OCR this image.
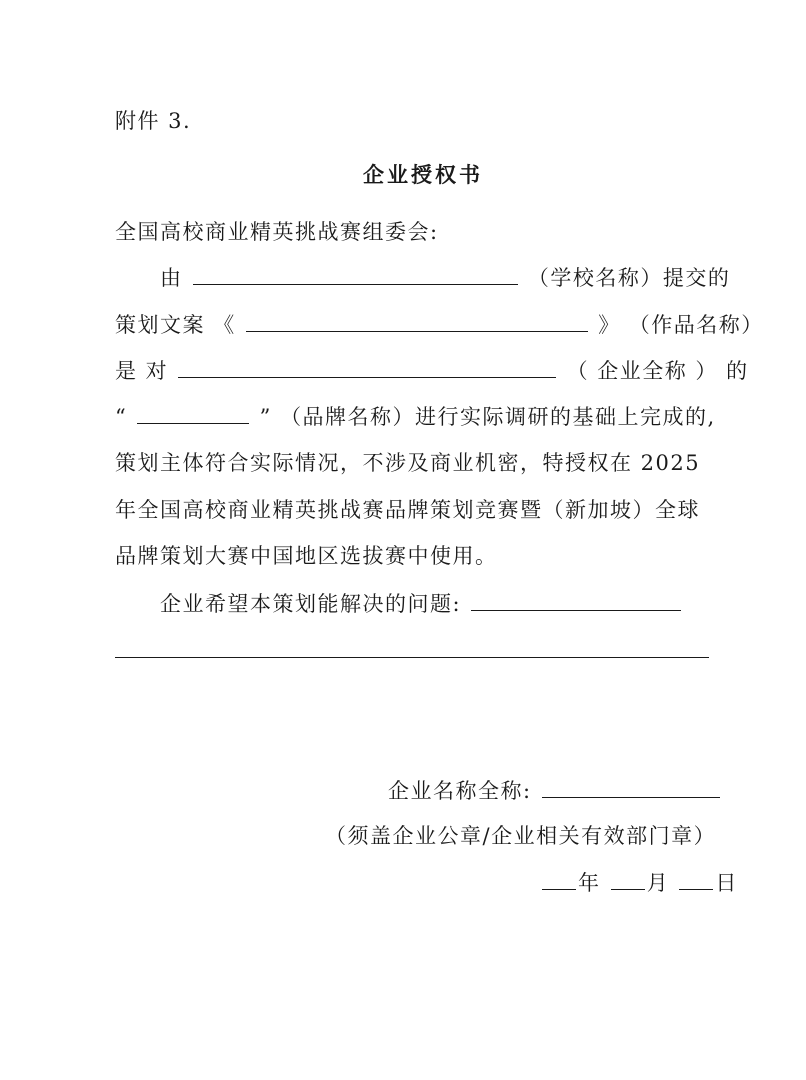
附件 3.
企业授权书
全国高校商业精英挑战赛组委会:
由	（学校名称）提交的
策划文案 《	》 （作品名称）
是 对	（ 企业全称 ） 的
“	” （品牌名称）进行实际调研的基础上完成的,
策划主体符合实际情况，不涉及商业机密，特授权在 2025
年全国高校商业精英挑战赛品牌策划竞赛暨（新加坡）全球
品牌策划大赛中国地区选拔赛中使用。
企业希望本策划能解决的问题:
企业名称全称:
（须盖企业公章/企业相关有效部门章）
年 月 日
